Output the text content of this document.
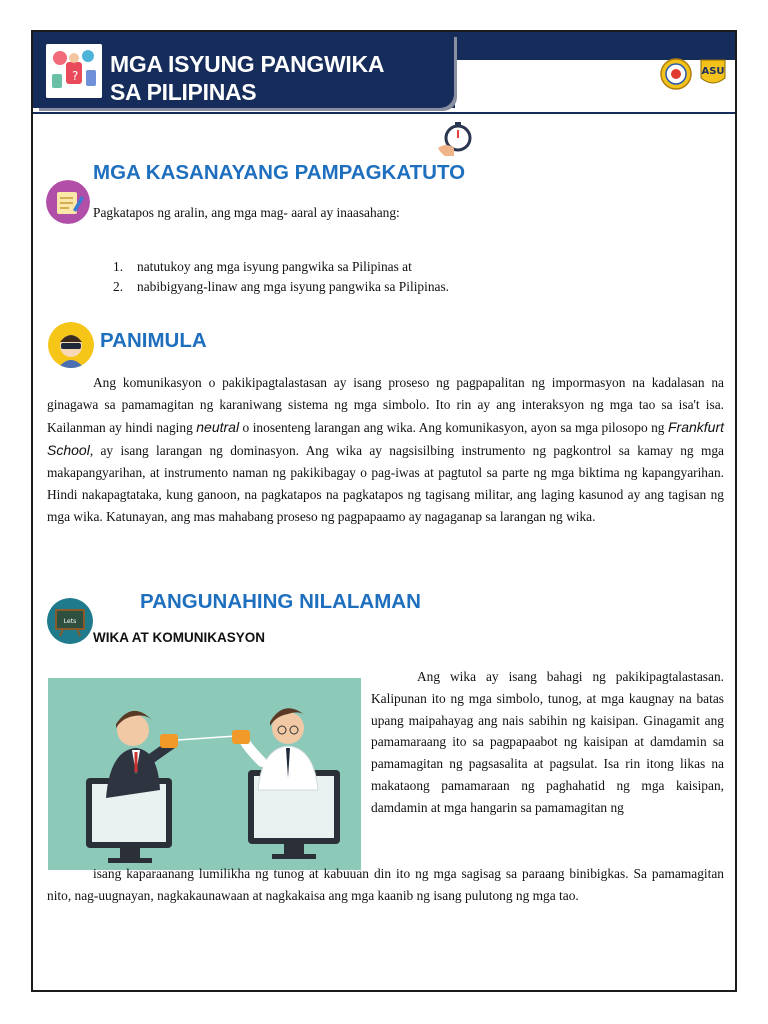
? MGA ISYUNG PANGWIKA
SA PILIPINAS
ASU
MGA KASANAYANG PAMPAGKATUTO
Pagkatapos ng aralin, ang mga mag- aaral ay inaasahang:
1.	natutukoy ang mga isyung pangwika sa Pilipinas at
2.	nabibigyang-linaw ang mga isyung pangwika sa Pilipinas.
PANIMULA
Ang komunikasyon o pakikipagtalastasan ay isang proseso ng pagpapalitan ng impormasyon na kadalasan na ginagawa sa pamamagitan ng karaniwang sistema ng mga simbolo. Ito rin ay ang interaksyon ng mga tao sa isa't isa. Kailanman ay hindi naging neutral o inosenteng larangan ang wika. Ang komunikasyon, ayon sa mga pilosopo ng Frankfurt School, ay isang larangan ng dominasyon. Ang wika ay nagsisilbing instrumento ng pagkontrol sa kamay ng mga makapangyarihan, at instrumento naman ng pakikibagay o pag-iwas at pagtutol sa parte ng mga biktima ng kapangyarihan. Hindi nakapagtataka, kung ganoon, na pagkatapos na pagkatapos ng tagisang militar, ang laging kasunod ay ang tagisan ng mga wika. Katunayan, ang mas mahabang proseso ng pagpapaamo ay nagaganap sa larangan ng wika.
Lets
PANGUNAHING NILALAMAN
WIKA AT KOMUNIKASYON
Ang wika ay isang bahagi ng pakikipagtalastasan. Kalipunan ito ng mga simbolo, tunog, at mga kaugnay na batas upang maipahayag ang nais sabihin ng kaisipan. Ginagamit ang pamamaraang ito sa pagpapaabot ng kaisipan at damdamin sa pamamagitan ng pagsasalita at pagsulat. Isa rin itong likas na makataong pamamaraan ng paghahatid ng mga kaisipan, damdamin at mga hangarin sa pamamagitan ng
isang kaparaanang lumilikha ng tunog at kabuuan din ito ng mga sagisag sa paraang binibigkas. Sa pamamagitan nito, nag-uugnayan, nagkakaunawaan at nagkakaisa ang mga kaanib ng isang pulutong ng mga tao.
